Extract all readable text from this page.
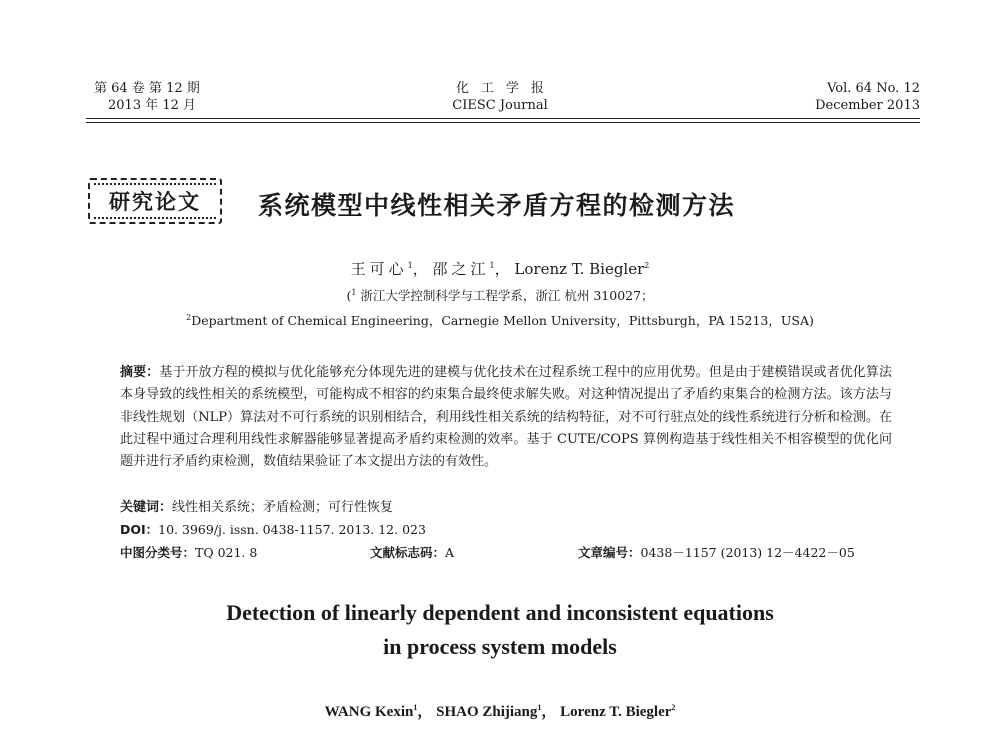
第 64 卷 第 12 期
2013 年 12 月
化工学报
CIESC Journal
Vol. 64 No. 12
December 2013
研究论文 系统模型中线性相关矛盾方程的检测方法
王可心$^1$， 邵之江$^1$， Lorenz T. Biegler$^2$
($^1$ 浙江大学控制科学与工程学系，浙江 杭州 310027；
$^2$Department of Chemical Engineering，Carnegie Mellon University，Pittsburgh，PA 15213，USA)
摘要：基于开放方程的模拟与优化能够充分体现先进的建模与优化技术在过程系统工程中的应用优势。但是由于建模错误或者优化算法本身导致的线性相关的系统模型，可能构成不相容的约束集合最终使求解失败。对这种情况提出了矛盾约束集合的检测方法。该方法与非线性规划（NLP）算法对不可行系统的识别相结合，利用线性相关系统的结构特征，对不可行驻点处的线性系统进行分析和检测。在此过程中通过合理利用线性求解器能够显著提高矛盾约束检测的效率。基于 CUTE/COPS 算例构造基于线性相关不相容模型的优化问题并进行矛盾约束检测，数值结果验证了本文提出方法的有效性。
关键词：线性相关系统；矛盾检测；可行性恢复
DOI：10. 3969/j. issn. 0438-1157. 2013. 12. 023
中图分类号：TQ 021. 8	文献标志码：A	文章编号：0438－1157 (2013) 12－4422－05
Detection of linearly dependent and inconsistent equations
in process system models
WANG Kexin$^1$， SHAO Zhijiang$^1$， Lorenz T. Biegler$^2$
